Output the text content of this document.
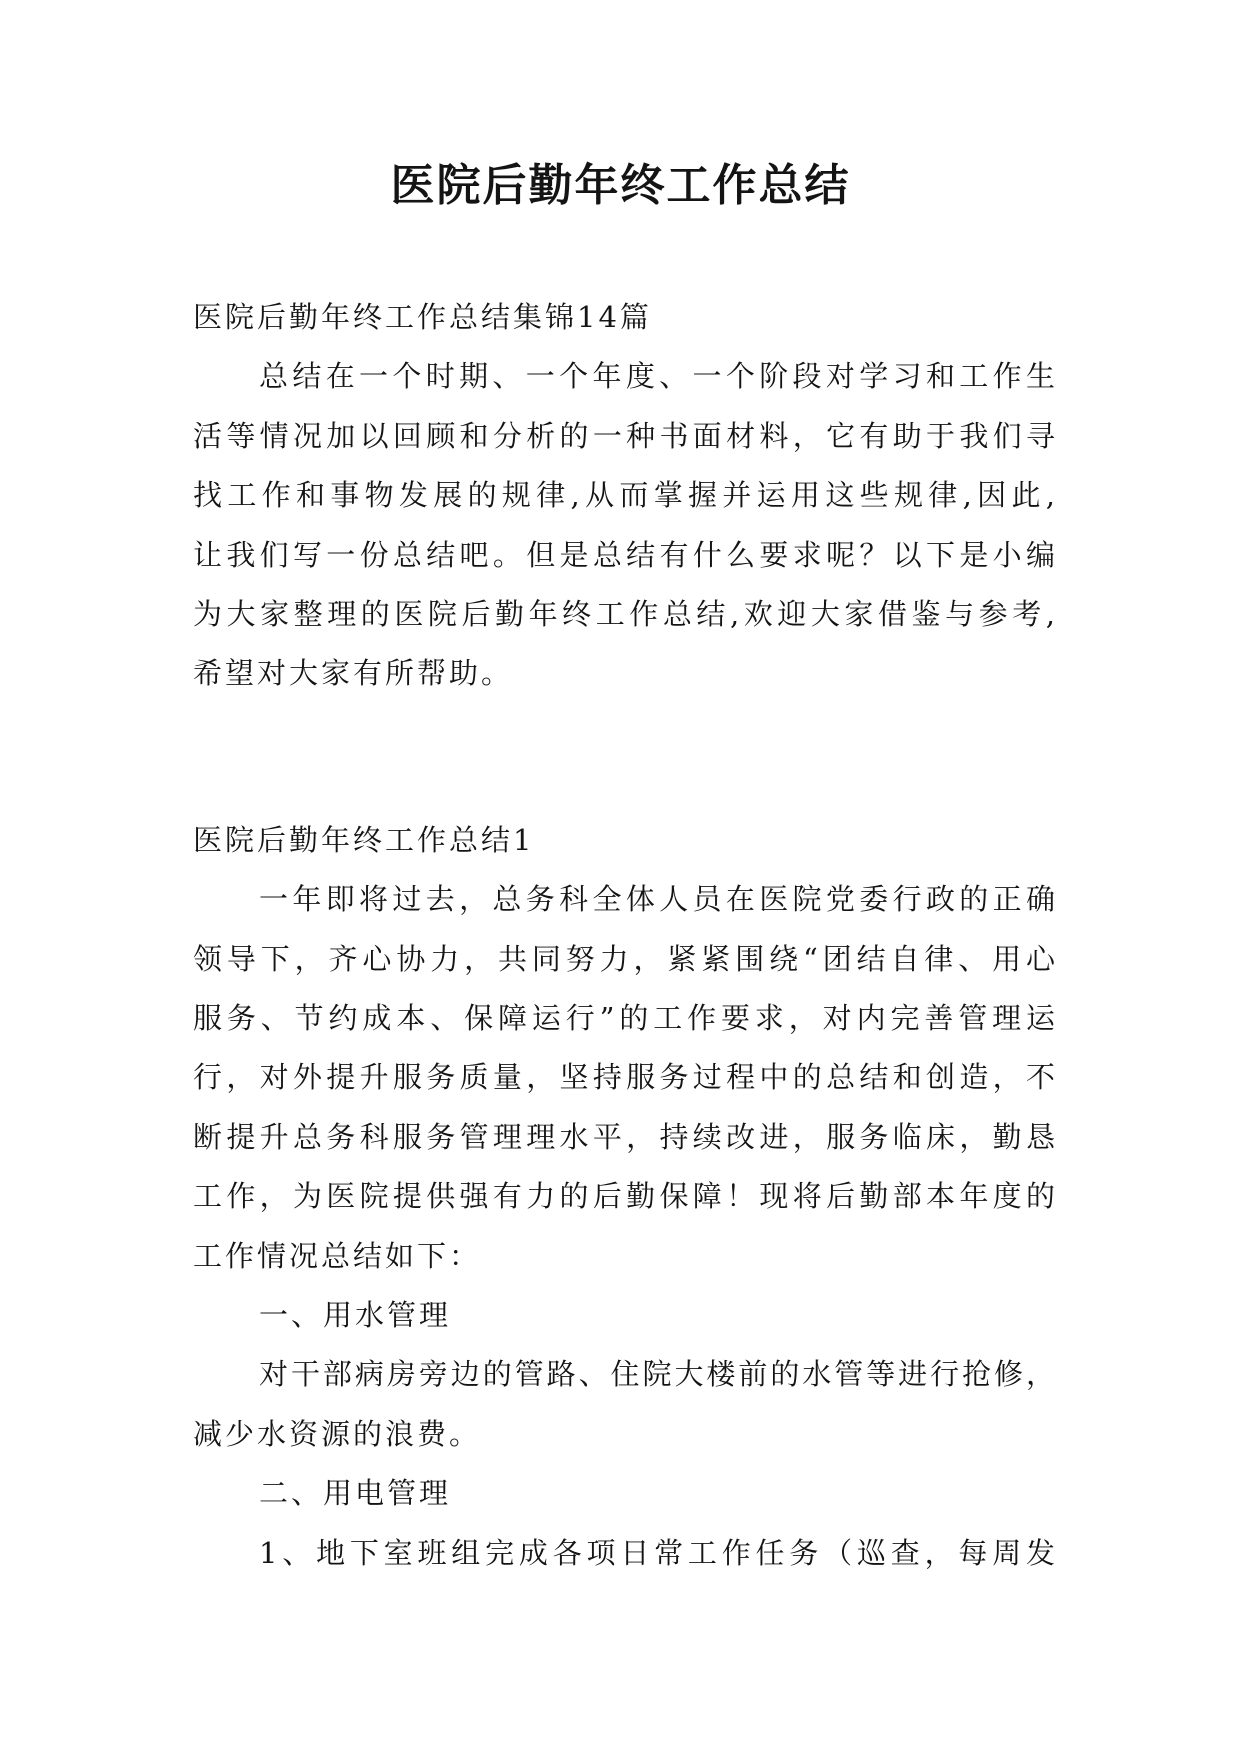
医院后勤年终工作总结
医院后勤年终工作总结集锦14篇
总结在一个时期、一个年度、一个阶段对学习和工作生
活等情况加以回顾和分析的一种书面材料，它有助于我们寻
找工作和事物发展的规律,从而掌握并运用这些规律,因此,
让我们写一份总结吧。但是总结有什么要求呢？以下是小编
为大家整理的医院后勤年终工作总结,欢迎大家借鉴与参考,
希望对大家有所帮助。
医院后勤年终工作总结1
一年即将过去，总务科全体人员在医院党委行政的正确
领导下，齐心协力，共同努力，紧紧围绕“团结自律、用心
服务、节约成本、保障运行”的工作要求，对内完善管理运
行，对外提升服务质量，坚持服务过程中的总结和创造，不
断提升总务科服务管理理水平，持续改进，服务临床，勤恳
工作，为医院提供强有力的后勤保障！现将后勤部本年度的
工作情况总结如下：
一、用水管理
对干部病房旁边的管路、住院大楼前的水管等进行抢修，
减少水资源的浪费。
二、用电管理
1、地下室班组完成各项日常工作任务（巡查，每周发
